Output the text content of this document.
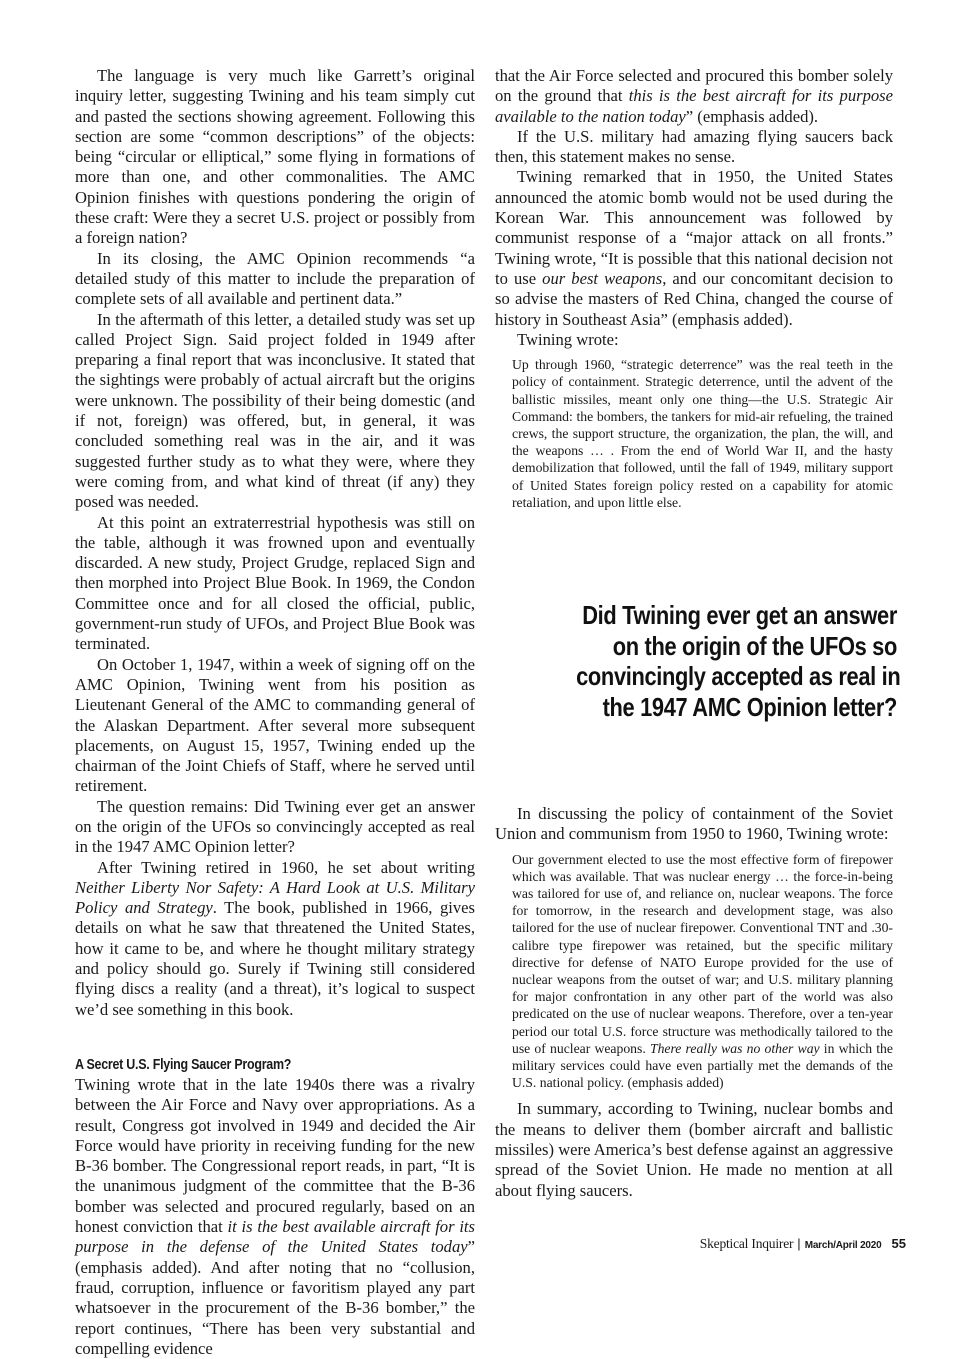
The language is very much like Garrett’s original inquiry letter, suggesting Twining and his team simply cut and pasted the sections showing agreement. Following this section are some “common descriptions” of the objects: being “circular or elliptical,” some flying in formations of more than one, and other commonalities. The AMC Opinion finishes with questions pondering the origin of these craft: Were they a secret U.S. project or possibly from a foreign nation?

In its closing, the AMC Opinion recommends “a detailed study of this matter to include the preparation of complete sets of all available and pertinent data.”

In the aftermath of this letter, a detailed study was set up called Project Sign. Said project folded in 1949 after preparing a final report that was inconclusive. It stated that the sightings were probably of actual aircraft but the origins were unknown. The possibility of their being domestic (and if not, foreign) was offered, but, in general, it was concluded something real was in the air, and it was suggested further study as to what they were, where they were coming from, and what kind of threat (if any) they posed was needed.

At this point an extraterrestrial hypothesis was still on the table, although it was frowned upon and eventually discarded. A new study, Project Grudge, replaced Sign and then morphed into Project Blue Book. In 1969, the Condon Committee once and for all closed the official, public, government-run study of UFOs, and Project Blue Book was terminated.

On October 1, 1947, within a week of signing off on the AMC Opinion, Twining went from his position as Lieutenant General of the AMC to commanding general of the Alaskan Department. After several more subsequent placements, on August 15, 1957, Twining ended up the chairman of the Joint Chiefs of Staff, where he served until retirement.

The question remains: Did Twining ever get an answer on the origin of the UFOs so convincingly accepted as real in the 1947 AMC Opinion letter?

After Twining retired in 1960, he set about writing Neither Liberty Nor Safety: A Hard Look at U.S. Military Policy and Strategy. The book, published in 1966, gives details on what he saw that threatened the United States, how it came to be, and where he thought military strategy and policy should go. Surely if Twining still considered flying discs a reality (and a threat), it’s logical to suspect we’d see something in this book.

A Secret U.S. Flying Saucer Program?

Twining wrote that in the late 1940s there was a rivalry between the Air Force and Navy over appropriations. As a result, Congress got involved in 1949 and decided the Air Force would have priority in receiving funding for the new B-36 bomber. The Congressional report reads, in part, “It is the unanimous judgment of the committee that the B-36 bomber was selected and procured regularly, based on an honest conviction that it is the best available aircraft for its purpose in the defense of the United States today” (emphasis added). And after noting that no “collusion, fraud, corruption, influence or favoritism played any part whatsoever in the procurement of the B-36 bomber,” the report continues, “There has been very substantial and compelling evidence

that the Air Force selected and procured this bomber solely on the ground that this is the best aircraft for its purpose available to the nation today” (emphasis added).

If the U.S. military had amazing flying saucers back then, this statement makes no sense.

Twining remarked that in 1950, the United States announced the atomic bomb would not be used during the Korean War. This announcement was followed by communist response of a “major attack on all fronts.” Twining wrote, “It is possible that this national decision not to use our best weapons, and our concomitant decision to so advise the masters of Red China, changed the course of history in Southeast Asia” (emphasis added).

Twining wrote:

Up through 1960, “strategic deterrence” was the real teeth in the policy of containment. Strategic deterrence, until the advent of the ballistic missiles, meant only one thing—the U.S. Strategic Air Command: the bombers, the tankers for mid-air refueling, the trained crews, the support structure, the organization, the plan, the will, and the weapons … . From the end of World War II, and the hasty demobilization that followed, until the fall of 1949, military support of United States foreign policy rested on a capability for atomic retaliation, and upon little else.
Did Twining ever get an answer
on the origin of the UFOs so
convincingly accepted as real in
the 1947 AMC Opinion letter?

In discussing the policy of containment of the Soviet Union and communism from 1950 to 1960, Twining wrote:

Our government elected to use the most effective form of firepower which was available. That was nuclear energy … the force-in-being was tailored for use of, and reliance on, nuclear weapons. The force for tomorrow, in the research and development stage, was also tailored for the use of nuclear firepower. Conventional TNT and .30-calibre type firepower was retained, but the specific military directive for defense of NATO Europe provided for the use of nuclear weapons from the outset of war; and U.S. military planning for major confrontation in any other part of the world was also predicated on the use of nuclear weapons. Therefore, over a ten-year period our total U.S. force structure was methodically tailored to the use of nuclear weapons. There really was no other way in which the military services could have even partially met the demands of the U.S. national policy. (emphasis added)

In summary, according to Twining, nuclear bombs and the means to deliver them (bomber aircraft and ballistic missiles) were America’s best defense against an aggressive spread of the Soviet Union. He made no mention at all about flying saucers.

Skeptical Inquirer | March/April 2020 55
